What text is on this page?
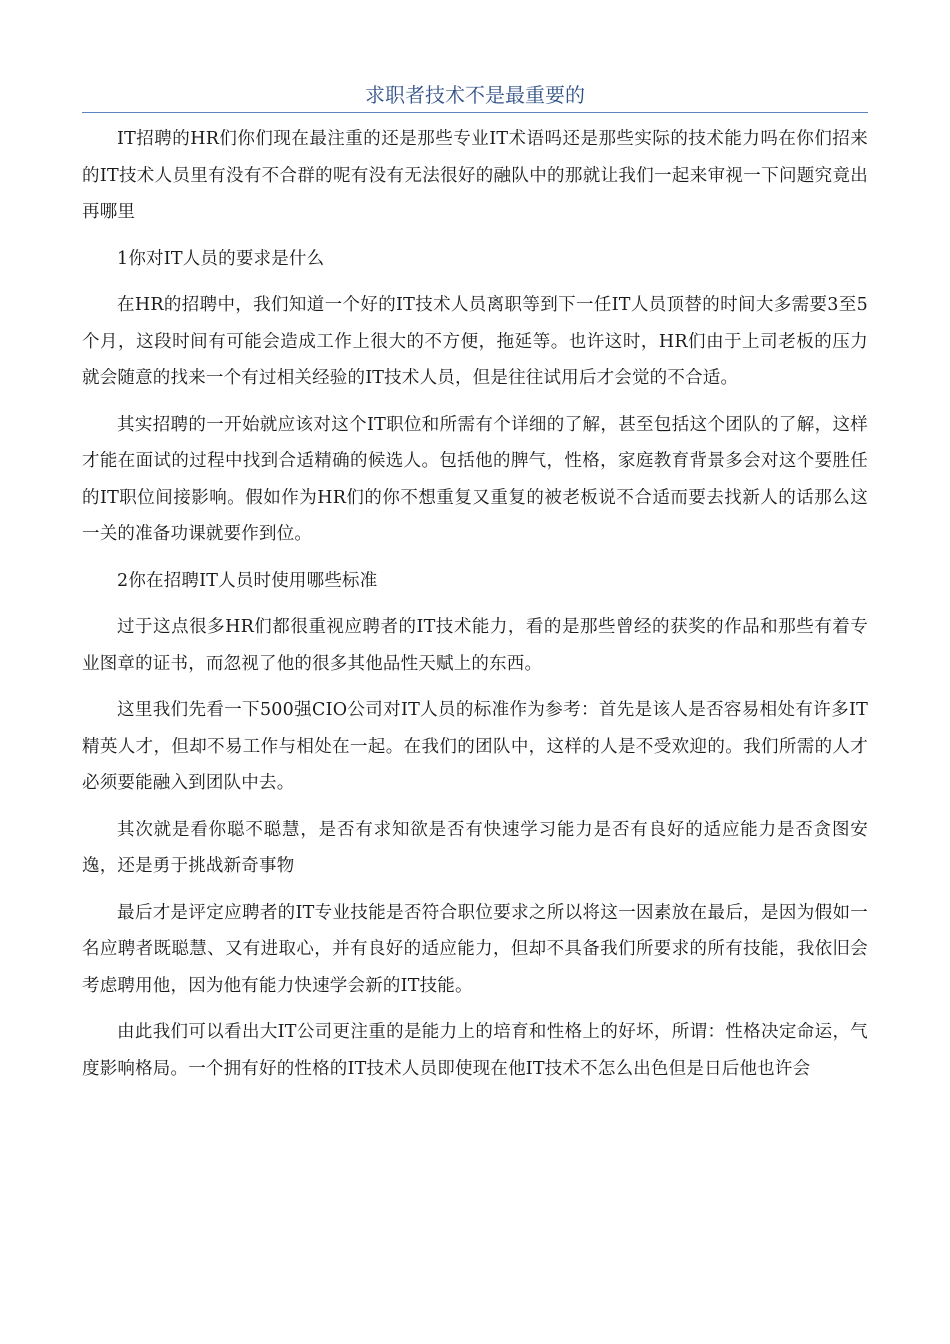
求职者技术不是最重要的

IT招聘的HR们你们现在最注重的还是那些专业IT术语吗还是那些实际的技术能力吗在你们招来的IT技术人员里有没有不合群的呢有没有无法很好的融队中的那就让我们一起来审视一下问题究竟出再哪里

1你对IT人员的要求是什么

在HR的招聘中，我们知道一个好的IT技术人员离职等到下一任IT人员顶替的时间大多需要3至5个月，这段时间有可能会造成工作上很大的不方便，拖延等。也许这时，HR们由于上司老板的压力就会随意的找来一个有过相关经验的IT技术人员，但是往往试用后才会觉的不合适。

其实招聘的一开始就应该对这个IT职位和所需有个详细的了解，甚至包括这个团队的了解，这样才能在面试的过程中找到合适精确的候选人。包括他的脾气，性格，家庭教育背景多会对这个要胜任的IT职位间接影响。假如作为HR们的你不想重复又重复的被老板说不合适而要去找新人的话那么这一关的准备功课就要作到位。

2你在招聘IT人员时使用哪些标准

过于这点很多HR们都很重视应聘者的IT技术能力，看的是那些曾经的获奖的作品和那些有着专业图章的证书，而忽视了他的很多其他品性天赋上的东西。

这里我们先看一下500强CIO公司对IT人员的标准作为参考：首先是该人是否容易相处有许多IT精英人才，但却不易工作与相处在一起。在我们的团队中，这样的人是不受欢迎的。我们所需的人才必须要能融入到团队中去。

其次就是看你聪不聪慧，是否有求知欲是否有快速学习能力是否有良好的适应能力是否贪图安逸，还是勇于挑战新奇事物

最后才是评定应聘者的IT专业技能是否符合职位要求之所以将这一因素放在最后，是因为假如一名应聘者既聪慧、又有进取心，并有良好的适应能力，但却不具备我们所要求的所有技能，我依旧会考虑聘用他，因为他有能力快速学会新的IT技能。

由此我们可以看出大IT公司更注重的是能力上的培育和性格上的好坏，所谓：性格决定命运，气度影响格局。一个拥有好的性格的IT技术人员即使现在他IT技术不怎么出色但是日后他也许会
